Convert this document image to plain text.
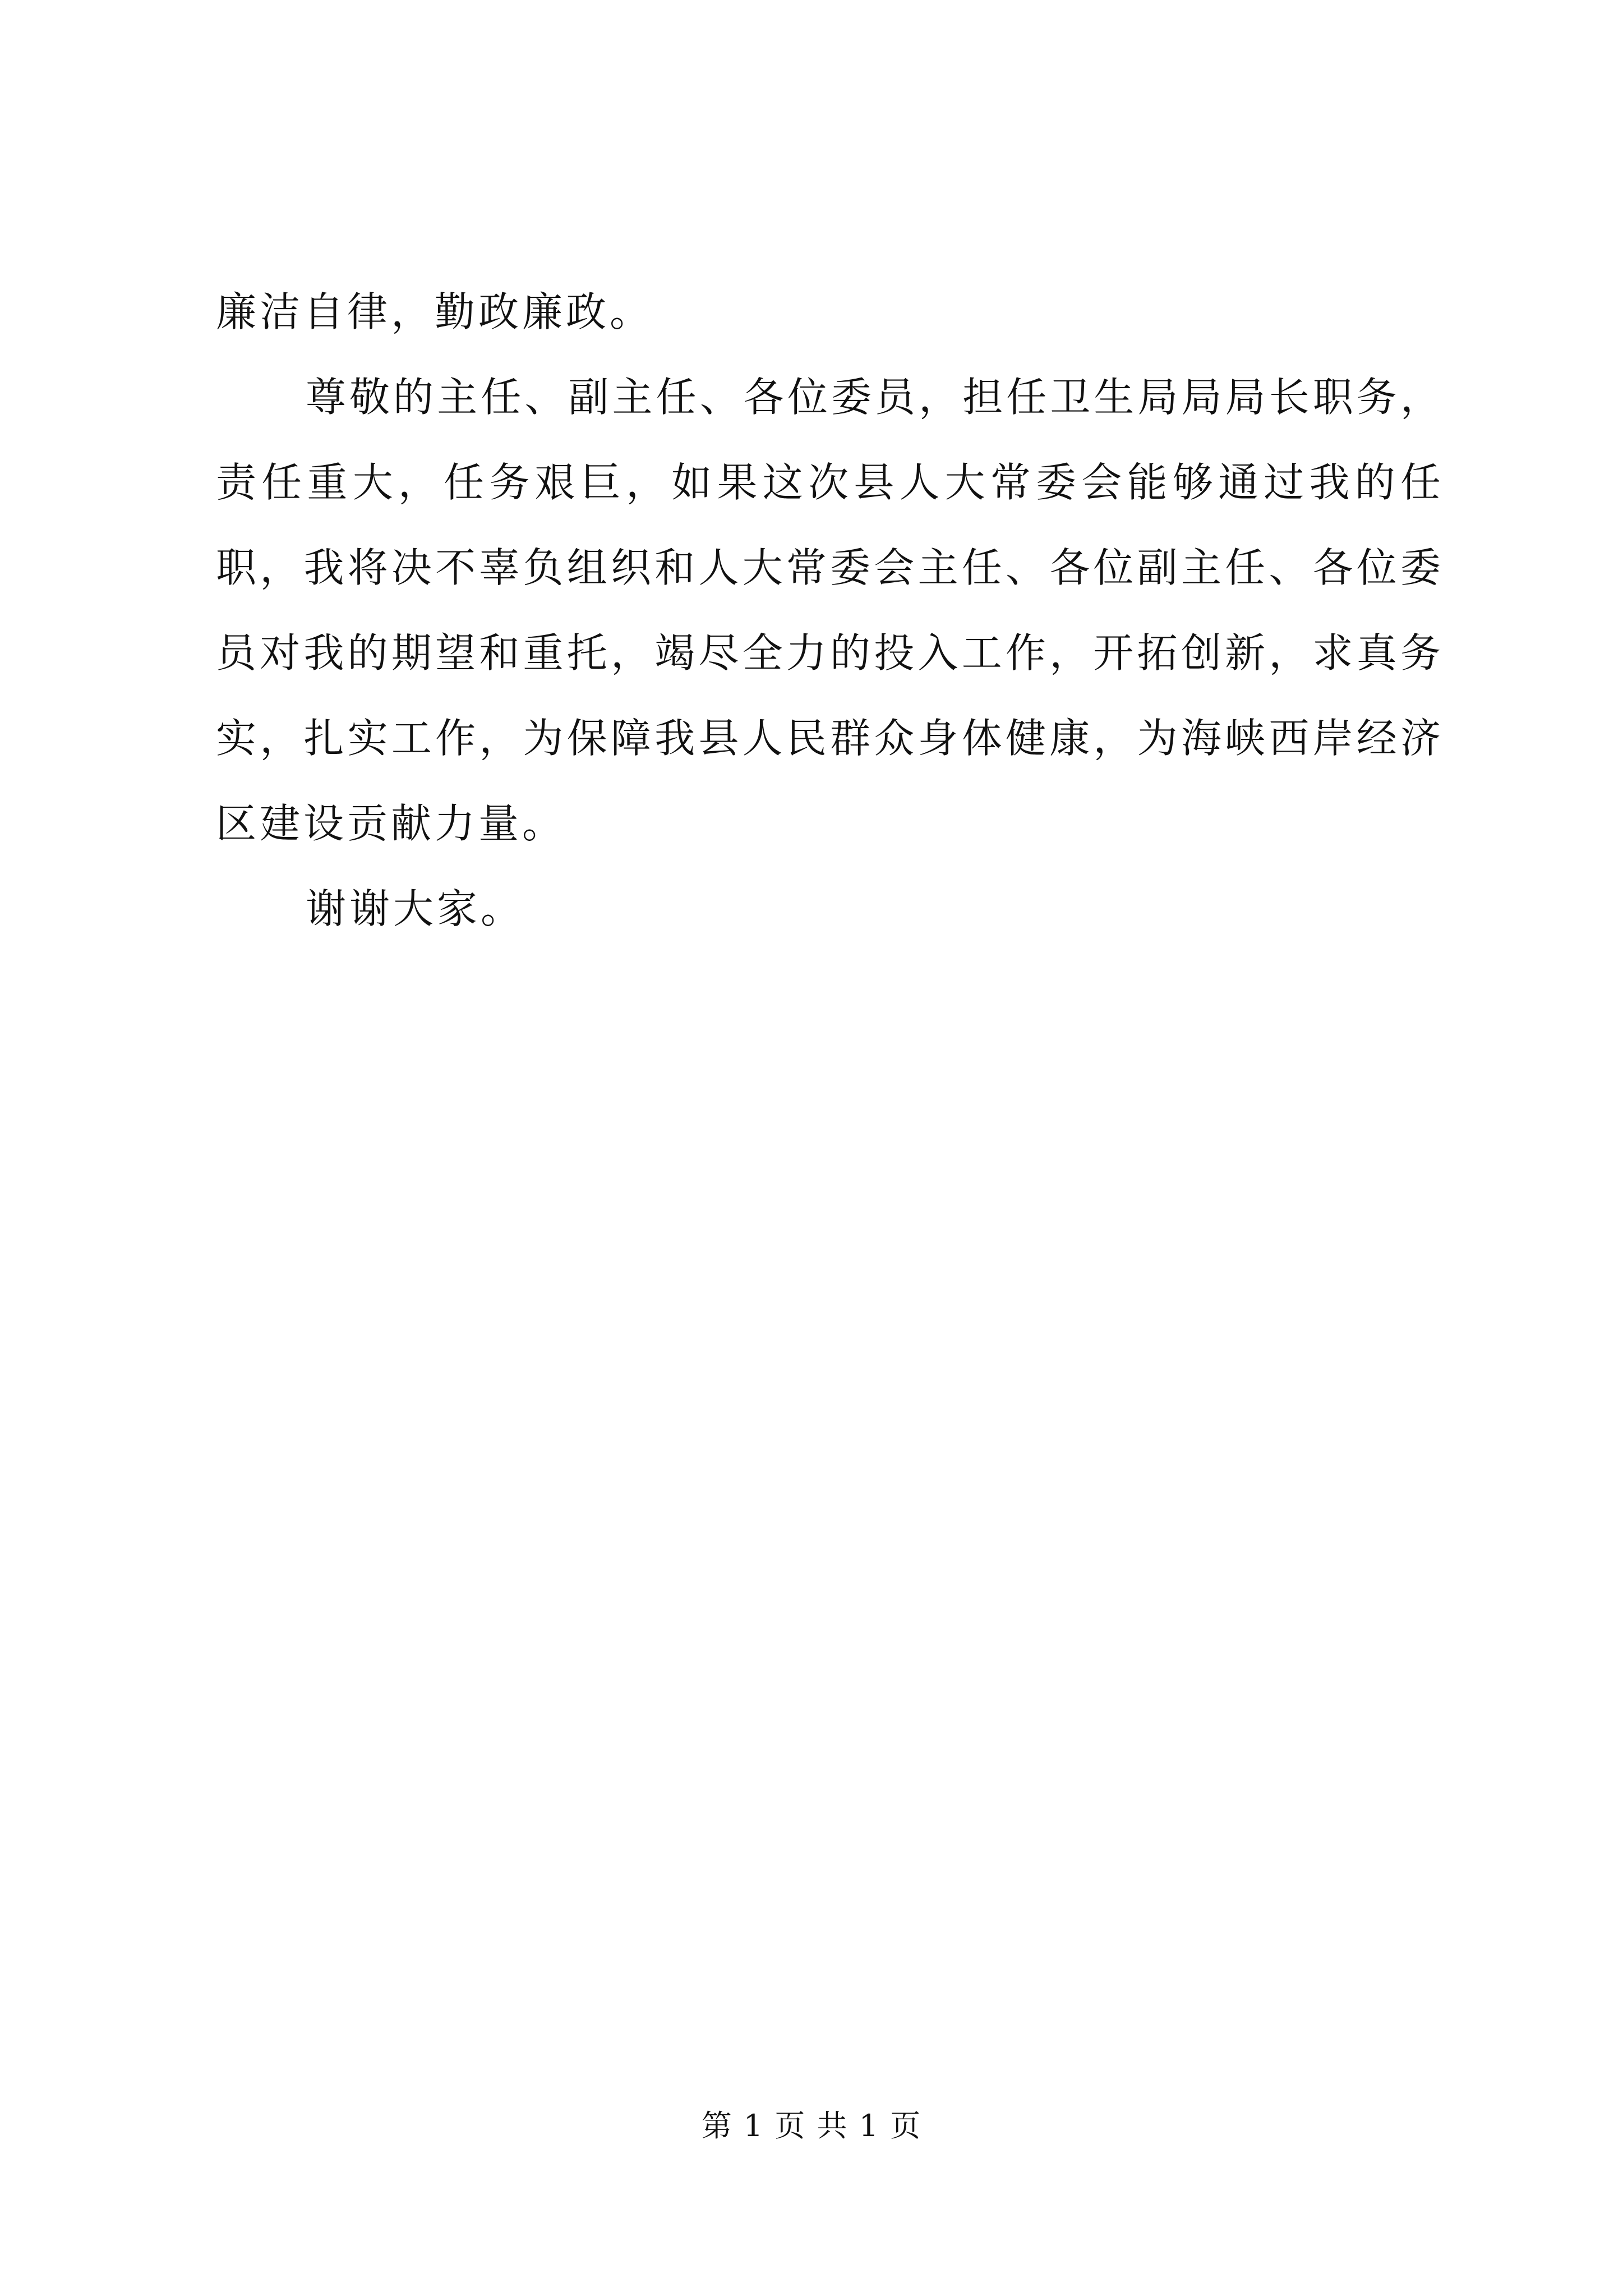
廉洁自律，勤政廉政。

尊敬的主任、副主任、各位委员，担任卫生局局局长职务，责任重大，任务艰巨，如果这次县人大常委会能够通过我的任职，我将决不辜负组织和人大常委会主任、各位副主任、各位委员对我的期望和重托，竭尽全力的投入工作，开拓创新，求真务实，扎实工作，为保障我县人民群众身体健康，为海峡西岸经济区建设贡献力量。

谢谢大家。

第 1 页 共 1 页
